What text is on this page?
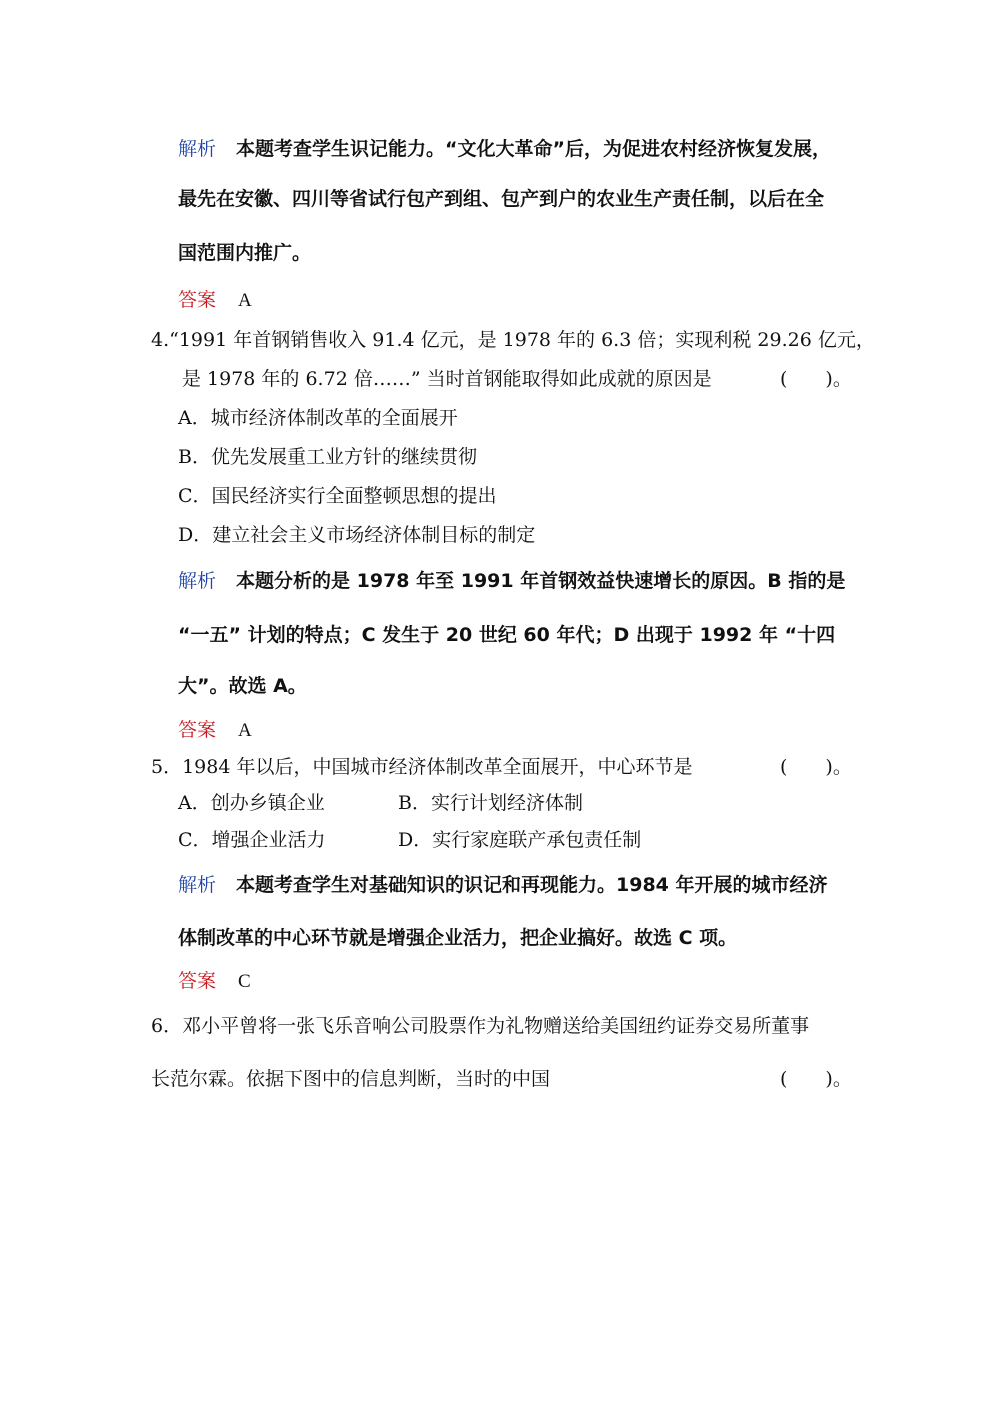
解析 本题考查学生识记能力。“文化大革命”后，为促进农村经济恢复发展，
最先在安徽、四川等省试行包产到组、包产到户的农业生产责任制，以后在全
国范围内推广。
答案 A
4.“1991 年首钢销售收入 91.4 亿元，是 1978 年的 6.3 倍；实现利税 29.26 亿元，
是 1978 年的 6.72 倍……” 当时首钢能取得如此成就的原因是	(　　)。
A．城市经济体制改革的全面展开
B．优先发展重工业方针的继续贯彻
C．国民经济实行全面整顿思想的提出
D．建立社会主义市场经济体制目标的制定
解析 本题分析的是 1978 年至 1991 年首钢效益快速增长的原因。B 指的是
“一五” 计划的特点；C 发生于 20 世纪 60 年代；D 出现于 1992 年 “十四
大”。故选 A。
答案 A
5．1984 年以后，中国城市经济体制改革全面展开，中心环节是	(　　)。
A．创办乡镇企业	B．实行计划经济体制
C．增强企业活力	D．实行家庭联产承包责任制
解析 本题考查学生对基础知识的识记和再现能力。1984 年开展的城市经济
体制改革的中心环节就是增强企业活力，把企业搞好。故选 C 项。
答案 C
6．邓小平曾将一张飞乐音响公司股票作为礼物赠送给美国纽约证券交易所董事
长范尔霖。依据下图中的信息判断，当时的中国	(　　)。
